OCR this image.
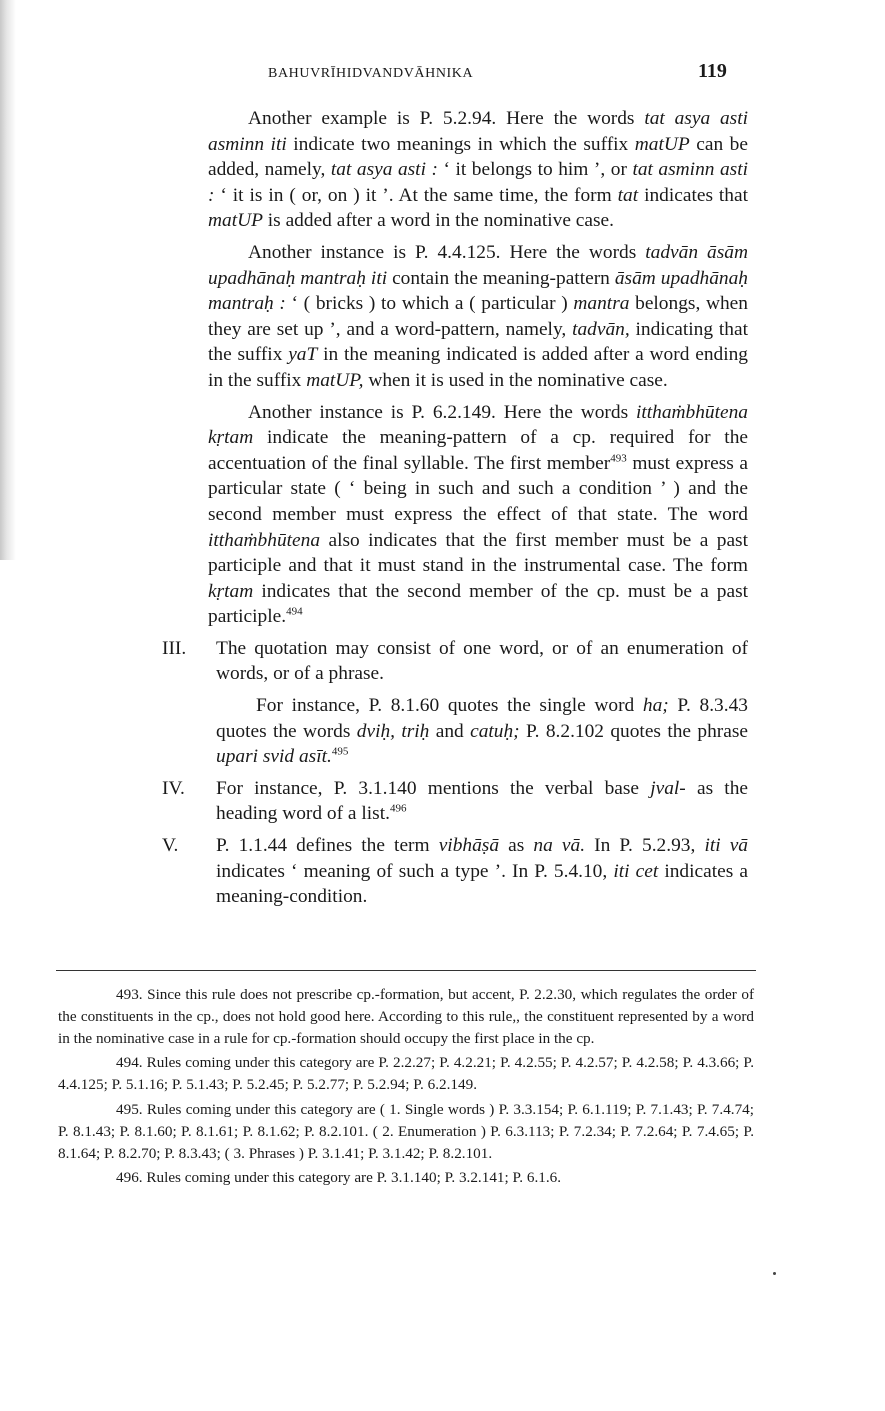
BAHUVRĪHIDVANDVĀHNIKA	119

Another example is P. 5.2.94. Here the words tat asya asti asminn iti indicate two meanings in which the suffix matUP can be added, namely, tat asya asti : ‘ it belongs to him ’, or tat asminn asti : ‘ it is in ( or, on ) it ’. At the same time, the form tat indicates that matUP is added after a word in the nominative case.

Another instance is P. 4.4.125. Here the words tadvān āsām upadhānaḥ mantraḥ iti contain the meaning-pattern āsām upadhānaḥ mantraḥ : ‘ ( bricks ) to which a ( particular ) mantra belongs, when they are set up ’, and a word-pattern, namely, tadvān, indicating that the suffix yaT in the meaning indicated is added after a word ending in the suffix matUP, when it is used in the nominative case.

Another instance is P. 6.2.149. Here the words itthaṁbhūtena kṛtam indicate the meaning-pattern of a cp. required for the accentuation of the final syllable. The first member$^{493}$ must express a particular state ( ‘ being in such and such a condition ’ ) and the second member must express the effect of that state. The word itthaṁbhūtena also indicates that the first member must be a past participle and that it must stand in the instrumental case. The form kṛtam indicates that the second member of the cp. must be a past participle.$^{494}$

III.	The quotation may consist of one word, or of an enumeration of words, or of a phrase.

For instance, P. 8.1.60 quotes the single word ha; P. 8.3.43 quotes the words dviḥ, triḥ and catuḥ; P. 8.2.102 quotes the phrase upari svid asīt.$^{495}$

IV.	For instance, P. 3.1.140 mentions the verbal base jval- as the heading word of a list.$^{496}$

V.	P. 1.1.44 defines the term vibhāṣā as na vā. In P. 5.2.93, iti vā indicates ‘ meaning of such a type ’. In P. 5.4.10, iti cet indicates a meaning-condition.

493. Since this rule does not prescribe cp.-formation, but accent, P. 2.2.30, which regulates the order of the constituents in the cp., does not hold good here. According to this rule,, the constituent represented by a word in the nominative case in a rule for cp.-formation should occupy the first place in the cp.

494. Rules coming under this category are P. 2.2.27; P. 4.2.21; P. 4.2.55; P. 4.2.57; P. 4.2.58; P. 4.3.66; P. 4.4.125; P. 5.1.16; P. 5.1.43; P. 5.2.45; P. 5.2.77; P. 5.2.94; P. 6.2.149.

495. Rules coming under this category are ( 1. Single words ) P. 3.3.154; P. 6.1.119; P. 7.1.43; P. 7.4.74; P. 8.1.43; P. 8.1.60; P. 8.1.61; P. 8.1.62; P. 8.2.101. ( 2. Enumeration ) P. 6.3.113; P. 7.2.34; P. 7.2.64; P. 7.4.65; P. 8.1.64; P. 8.2.70; P. 8.3.43; ( 3. Phrases ) P. 3.1.41; P. 3.1.42; P. 8.2.101.

496. Rules coming under this category are P. 3.1.140; P. 3.2.141; P. 6.1.6.
